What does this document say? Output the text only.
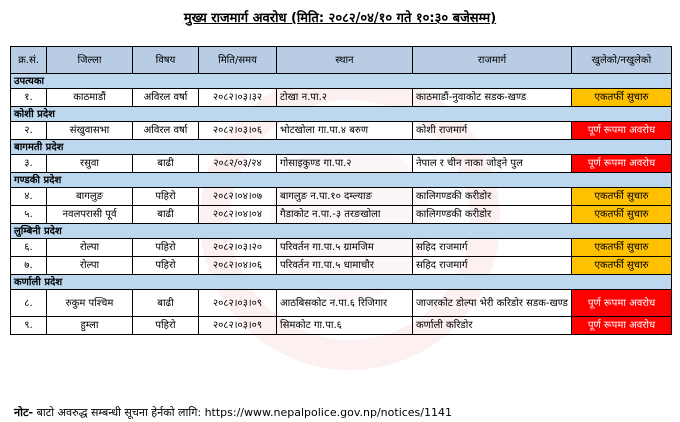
मुख्य राजमार्ग अवरोध (मिति: २०८२/०४/१० गते १०:३० बजेसम्म)
क्र.सं.	जिल्ला	विषय	मिति/समय	स्थान	राजमार्ग	खुलेको/नखुलेको
उपत्यका						
१.	काठमाडौं	अविरल वर्षा	२०८२।०३।३२	टोखा न.पा.२	काठमाडौं-नुवाकोट सडक-खण्ड	एकतर्फी सुचारु
कोशी प्रदेश						
२.	संखुवासभा	अविरल वर्षा	२०८२।०३।०६	भोटखोला गा.पा.४ बरुण	कोशी राजमार्ग	पूर्ण रूपमा अवरोध
बागमती प्रदेश						
३.	रसुवा	बाढी	२०८२/०३/२४	गोसाइकुण्ड गा.पा.२	नेपाल र चीन नाका जोड्ने पुल	पूर्ण रूपमा अवरोध
गण्डकी प्रदेश						
४.	बागलुङ	पहिरो	२०८२।०४।०७	बागलुङ न.पा.१० दम्ल्याङ	कालिगण्डकी करीडोर	एकतर्फी सुचारु
५.	नवलपरासी पूर्व	बाढी	२०८२।०४।०४	गैडाकोट न.पा.-३ तरङखोला	कालिगण्डकी करीडोर	एकतर्फी सुचारु
लुम्बिनी प्रदेश						
६.	रोल्पा	पहिरो	२०८२।०३।२०	परिवर्तन गा.पा.५ ग्रामजिम	सहिद राजमार्ग	एकतर्फी सुचारु
७.	रोल्पा	पहिरो	२०८२।०४।०६	परिवर्तन गा.पा.५ धामाचौर	सहिद राजमार्ग	एकतर्फी सुचारु
कर्णाली प्रदेश						
८.	रुकुम पश्चिम	बाढी	२०८२।०३।०९	आठबिसकोट न.पा.६ रिजिगार	जाजरकोट डोल्पा भेरी करिडोर सडक-खण्ड	पूर्ण रूपमा अवरोध
९.	हुम्ला	पहिरो	२०८२।०३।०९	सिमकोट गा.पा.६	कर्णाली करिडोर	पूर्ण रूपमा अवरोध
नोट- बाटो अवरुद्ध सम्बन्धी सूचना हेर्नको लागि: https://www.nepalpolice.gov.np/notices/1141
